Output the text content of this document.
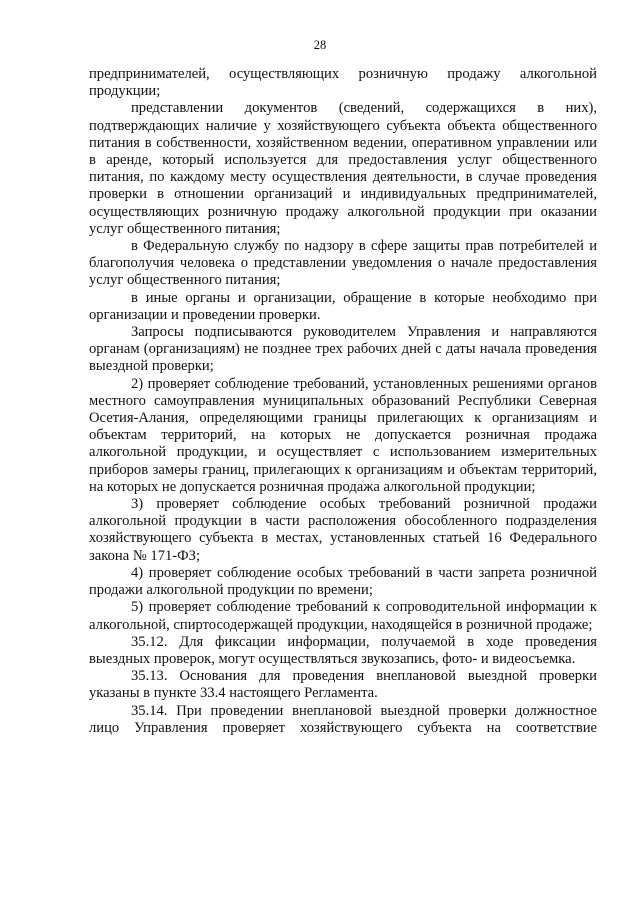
28

предпринимателей, осуществляющих розничную продажу алкогольной продукции;

представлении документов (сведений, содержащихся в них), подтверждающих наличие у хозяйствующего субъекта объекта общественного питания в собственности, хозяйственном ведении, оперативном управлении или в аренде, который используется для предоставления услуг общественного питания, по каждому месту осуществления деятельности, в случае проведения проверки в отношении организаций и индивидуальных предпринимателей, осуществляющих розничную продажу алкогольной продукции при оказании услуг общественного питания;

в Федеральную службу по надзору в сфере защиты прав потребителей и благополучия человека о представлении уведомления о начале предоставления услуг общественного питания;

в иные органы и организации, обращение в которые необходимо при организации и проведении проверки.

Запросы подписываются руководителем Управления и направляются органам (организациям) не позднее трех рабочих дней с даты начала проведения выездной проверки;

2) проверяет соблюдение требований, установленных решениями органов местного самоуправления муниципальных образований Республики Северная Осетия-Алания, определяющими границы прилегающих к организациям и объектам территорий, на которых не допускается розничная продажа алкогольной продукции, и осуществляет с использованием измерительных приборов замеры границ, прилегающих к организациям и объектам территорий, на которых не допускается розничная продажа алкогольной продукции;

3) проверяет соблюдение особых требований розничной продажи алкогольной продукции в части расположения обособленного подразделения хозяйствующего субъекта в местах, установленных статьей 16 Федерального закона № 171-ФЗ;

4) проверяет соблюдение особых требований в части запрета розничной продажи алкогольной продукции по времени;

5) проверяет соблюдение требований к сопроводительной информации к алкогольной, спиртосодержащей продукции, находящейся в розничной продаже;

35.12. Для фиксации информации, получаемой в ходе проведения выездных проверок, могут осуществляться звукозапись, фото- и видеосъемка.

35.13. Основания для проведения внеплановой выездной проверки указаны в пункте 33.4 настоящего Регламента.

35.14. При проведении внеплановой выездной проверки должностное лицо Управления проверяет хозяйствующего субъекта на соответствие
